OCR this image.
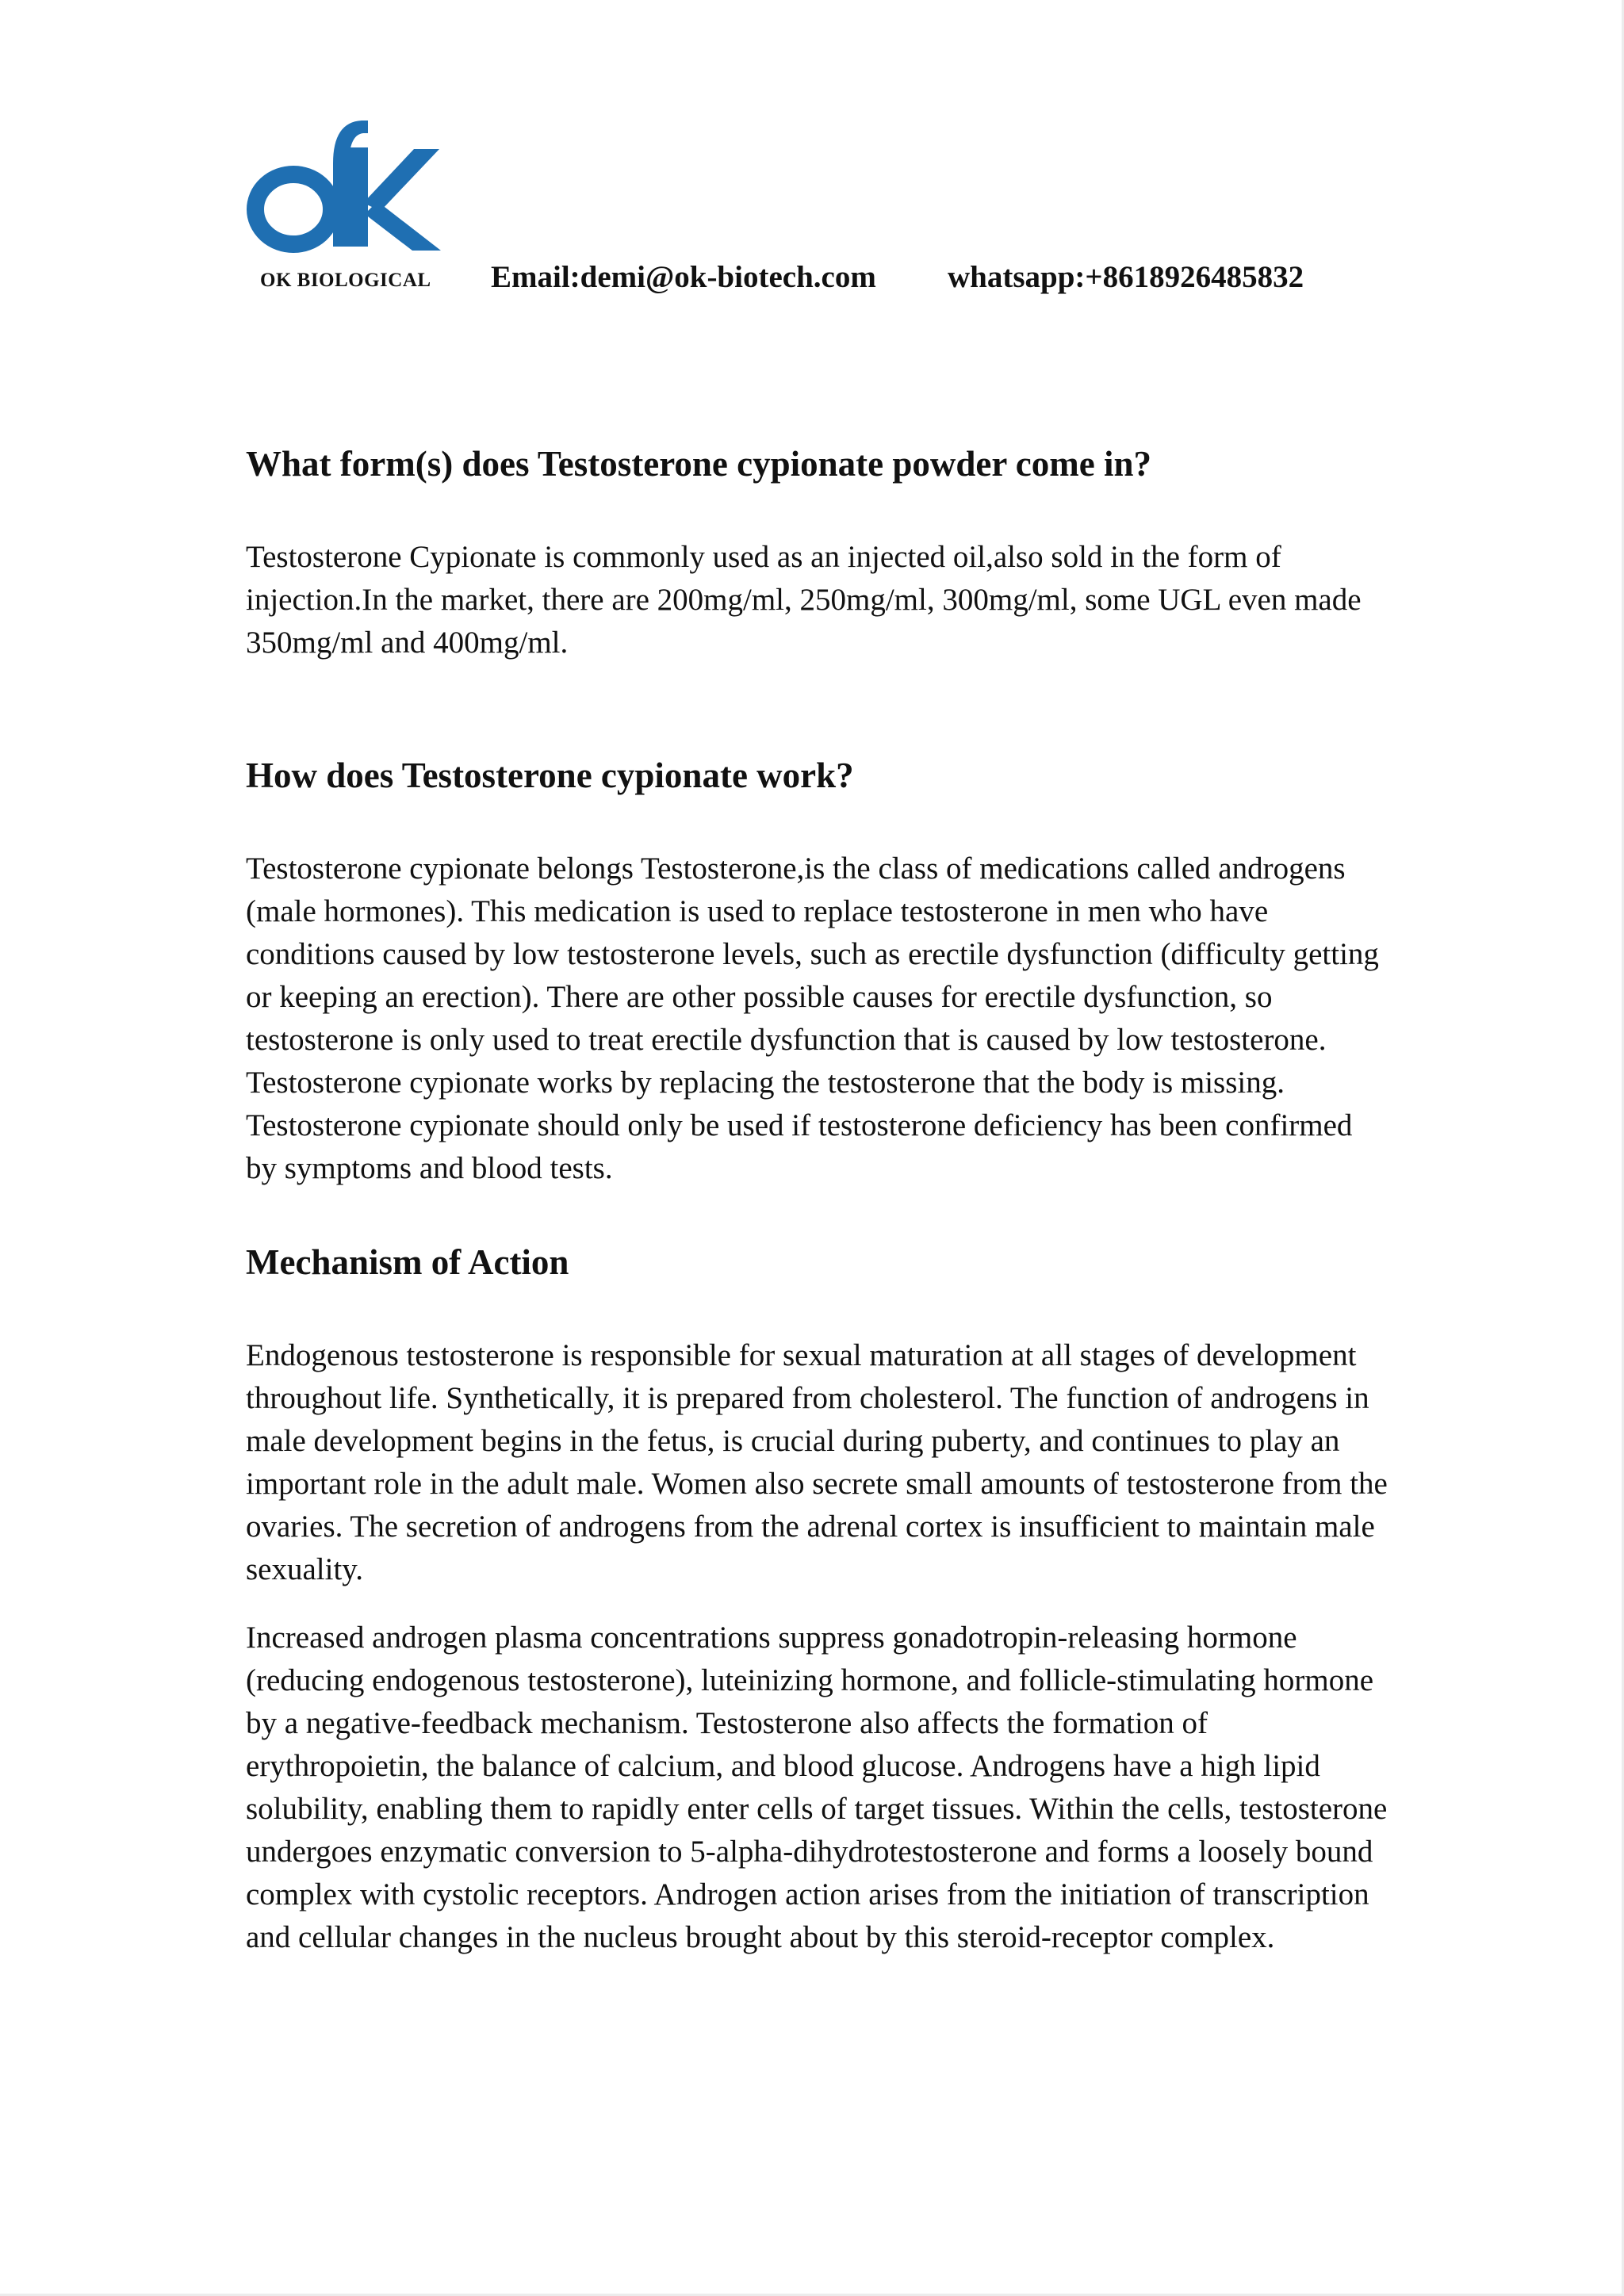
OK BIOLOGICAL Email:demi@ok-biotech.com whatsapp:+8618926485832
What form(s) does Testosterone cypionate powder come in?

Testosterone Cypionate is commonly used as an injected oil,also sold in the form of injection.In the market, there are 200mg/ml, 250mg/ml, 300mg/ml, some UGL even made 350mg/ml and 400mg/ml.

How does Testosterone cypionate work?

Testosterone cypionate belongs Testosterone,is the class of medications called androgens (male hormones). This medication is used to replace testosterone in men who have conditions caused by low testosterone levels, such as erectile dysfunction (difficulty getting or keeping an erection). There are other possible causes for erectile dysfunction, so testosterone is only used to treat erectile dysfunction that is caused by low testosterone.

Testosterone cypionate works by replacing the testosterone that the body is missing. Testosterone cypionate should only be used if testosterone deficiency has been confirmed by symptoms and blood tests.

Mechanism of Action

Endogenous testosterone is responsible for sexual maturation at all stages of development throughout life. Synthetically, it is prepared from cholesterol. The function of androgens in male development begins in the fetus, is crucial during puberty, and continues to play an important role in the adult male. Women also secrete small amounts of testosterone from the ovaries. The secretion of androgens from the adrenal cortex is insufficient to maintain male sexuality.

Increased androgen plasma concentrations suppress gonadotropin-releasing hormone (reducing endogenous testosterone), luteinizing hormone, and follicle-stimulating hormone by a negative-feedback mechanism. Testosterone also affects the formation of erythropoietin, the balance of calcium, and blood glucose. Androgens have a high lipid solubility, enabling them to rapidly enter cells of target tissues. Within the cells, testosterone undergoes enzymatic conversion to 5-alpha-dihydrotestosterone and forms a loosely bound complex with cystolic receptors. Androgen action arises from the initiation of transcription and cellular changes in the nucleus brought about by this steroid-receptor complex.
